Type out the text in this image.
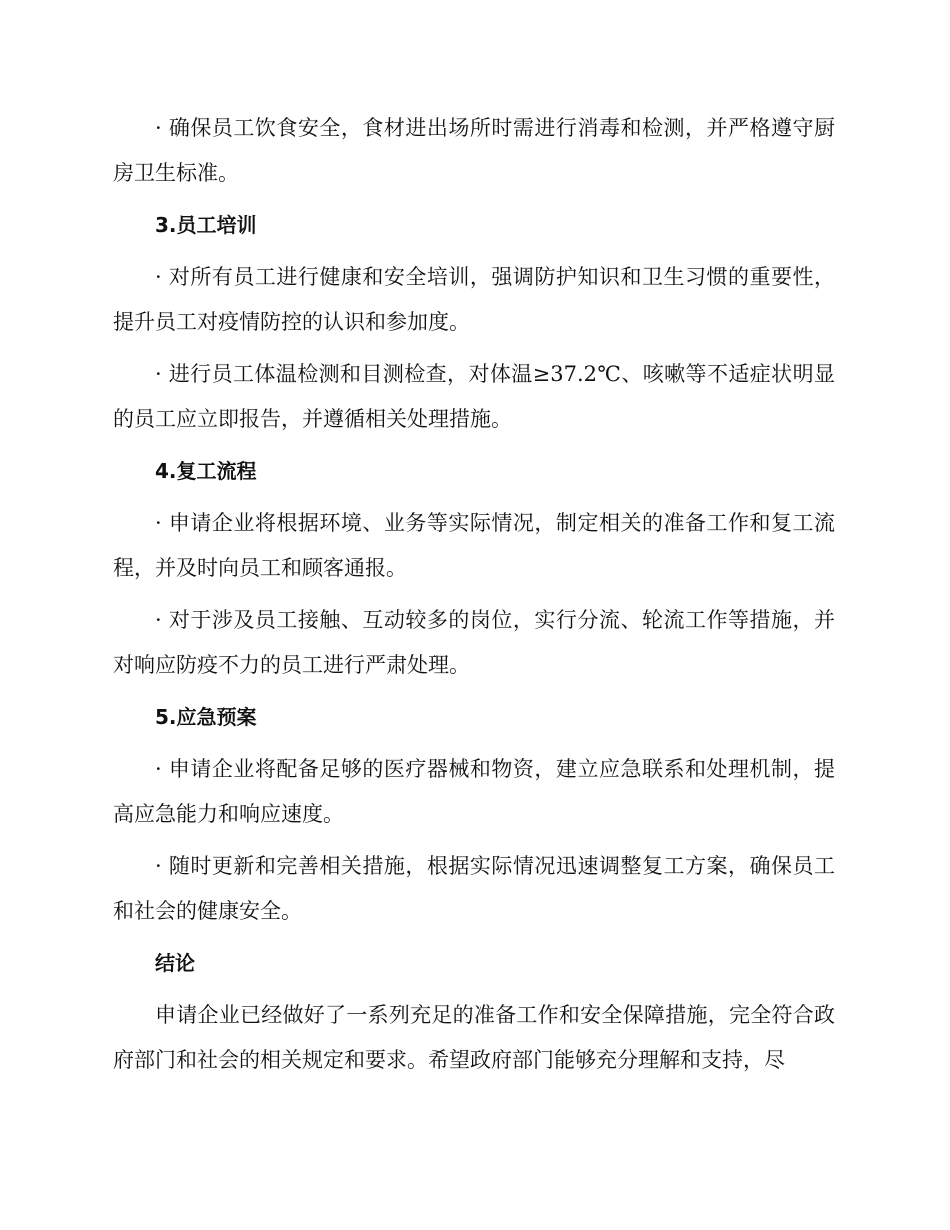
· 确保员工饮食安全，食材进出场所时需进行消毒和检测，并严格遵守厨房卫生标准。

3.员工培训

· 对所有员工进行健康和安全培训，强调防护知识和卫生习惯的重要性，提升员工对疫情防控的认识和参加度。

· 进行员工体温检测和目测检查，对体温≥37.2℃、咳嗽等不适症状明显的员工应立即报告，并遵循相关处理措施。

4.复工流程

· 申请企业将根据环境、业务等实际情况，制定相关的准备工作和复工流程，并及时向员工和顾客通报。

· 对于涉及员工接触、互动较多的岗位，实行分流、轮流工作等措施，并对响应防疫不力的员工进行严肃处理。

5.应急预案

· 申请企业将配备足够的医疗器械和物资，建立应急联系和处理机制，提高应急能力和响应速度。

· 随时更新和完善相关措施，根据实际情况迅速调整复工方案，确保员工和社会的健康安全。

结论

申请企业已经做好了一系列充足的准备工作和安全保障措施，完全符合政府部门和社会的相关规定和要求。希望政府部门能够充分理解和支持，尽
